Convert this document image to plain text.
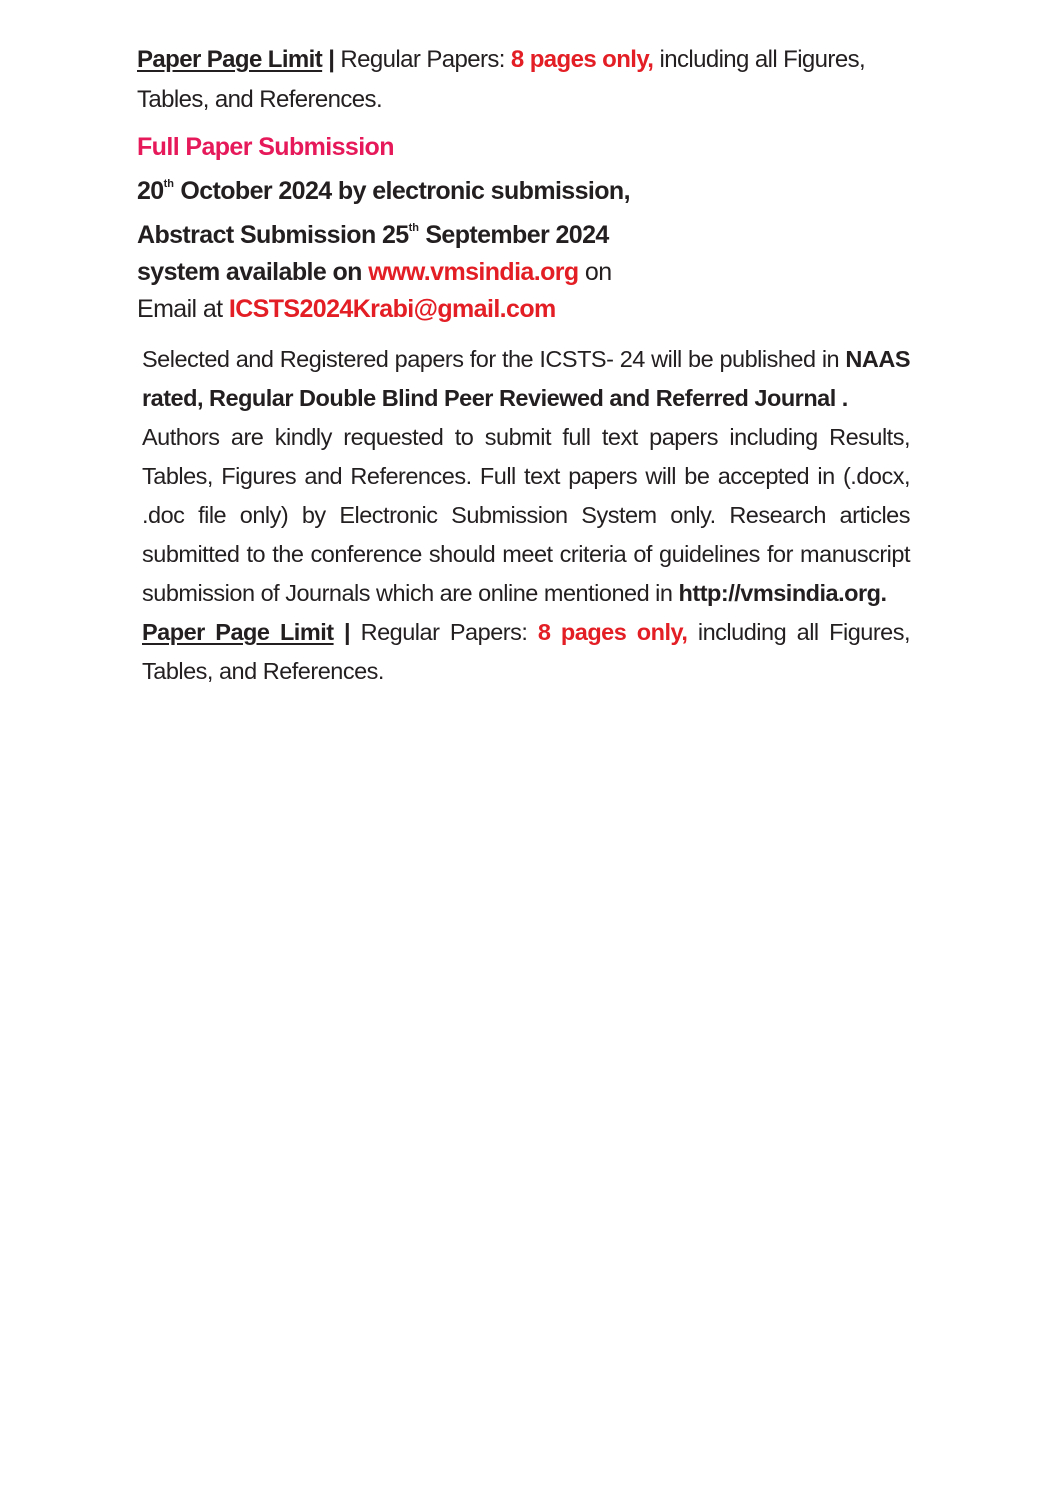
Paper Page Limit | Regular Papers: 8 pages only, including all Figures,
Tables, and References.
Full Paper Submission
20th October 2024 by electronic submission,
Abstract Submission 25th September 2024
system available on www.vmsindia.org on
Email at ICSTS2024Krabi@gmail.com

Selected and Registered papers for the ICSTS- 24 will be published in NAAS rated, Regular Double Blind Peer Reviewed and Referred Journal .

Authors are kindly requested to submit full text papers including Results, Tables, Figures and References. Full text papers will be accepted in (.docx, .doc file only) by Electronic Submission System only. Research articles submitted to the conference should meet criteria of guidelines for manuscript submission of Journals which are online mentioned in http://vmsindia.org.

Paper Page Limit | Regular Papers: 8 pages only, including all Figures, Tables, and References.
